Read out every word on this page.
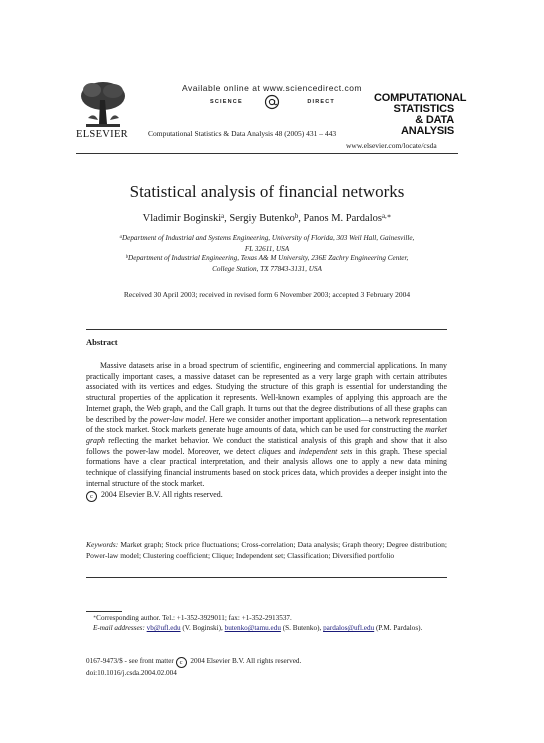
ELSEVIER
Available online at www.sciencedirect.com
SCIENCE	DIRECT
Computational Statistics & Data Analysis 48 (2005) 431 – 443
COMPUTATIONAL
STATISTICS
& DATA ANALYSIS
www.elsevier.com/locate/csda
Statistical analysis of financial networks
Vladimir Boginski$^a$, Sergiy Butenko$^b$, Panos M. Pardalos$^{a,∗}$
$^a$Department of Industrial and Systems Engineering, University of Florida, 303 Weil Hall, Gainesville,
FL 32611, USA
$^b$Department of Industrial Engineering, Texas A& M University, 236E Zachry Engineering Center,
College Station, TX 77843-3131, USA
Received 30 April 2003; received in revised form 6 November 2003; accepted 3 February 2004
Abstract
Massive datasets arise in a broad spectrum of scientific, engineering and commercial applications. In many practically important cases, a massive dataset can be represented as a very large graph with certain attributes associated with its vertices and edges. Studying the structure of this graph is essential for understanding the structural properties of the application it represents. Well-known examples of applying this approach are the Internet graph, the Web graph, and the Call graph. It turns out that the degree distributions of all these graphs can be described by the power-law model. Here we consider another important application—a network representation of the stock market. Stock markets generate huge amounts of data, which can be used for constructing the market graph reflecting the market behavior. We conduct the statistical analysis of this graph and show that it also follows the power-law model. Moreover, we detect cliques and independent sets in this graph. These special formations have a clear practical interpretation, and their analysis allows one to apply a new data mining technique of classifying financial instruments based on stock prices data, which provides a deeper insight into the internal structure of the stock market.
c 2004 Elsevier B.V. All rights reserved.
Keywords: Market graph; Stock price fluctuations; Cross-correlation; Data analysis; Graph theory; Degree distribution; Power-law model; Clustering coefficient; Clique; Independent set; Classification; Diversified portfolio
∗Corresponding author. Tel.: +1-352-3929011; fax: +1-352-2913537.
E-mail addresses: vb@ufl.edu (V. Boginski), butenko@tamu.edu (S. Butenko), pardalos@ufl.edu (P.M. Pardalos).
0167-9473/$ - see front matter c 2004 Elsevier B.V. All rights reserved.
doi:10.1016/j.csda.2004.02.004
